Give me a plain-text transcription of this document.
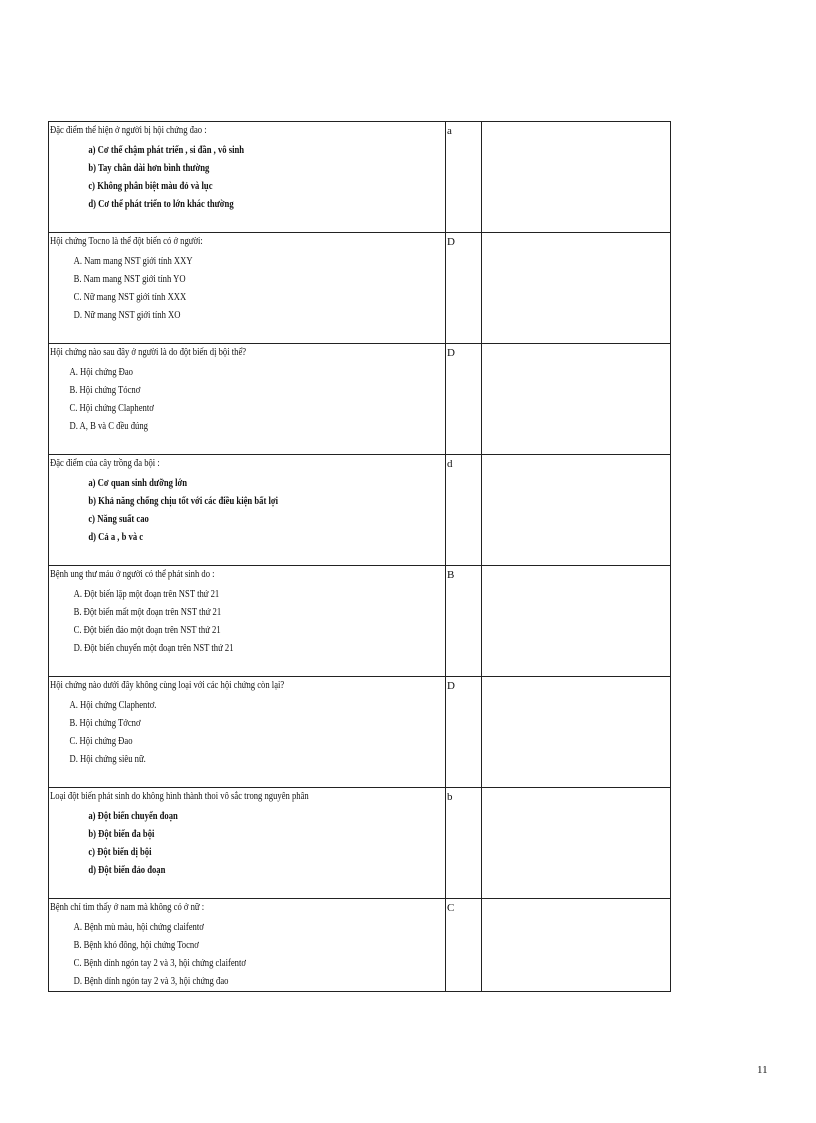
Đặc điểm thể hiện ở người bị hội chứng đao :
a) Cơ thể chậm phát triển , si đần , vô sinh
b) Tay chân dài hơn bình thường
c) Không phân biệt màu đỏ và lục
d) Cơ thể phát triển to lớn khác thường	a	

Hội chứng Tocno là thể đột biến có ở người:
A. Nam mang NST giới tính XXY
B. Nam mang NST giới tính YO
C. Nữ mang NST giới tính XXX
D. Nữ mang NST giới tính XO	D	

Hội chứng nào sau đây ở người là do đột biến dị bội thể?
A. Hội chứng Đao
B. Hội chứng Tócnơ
C. Hội chứng Claphentơ
D. A, B và C đều đúng	D	

Đặc điểm của cây trồng đa bội :
a) Cơ quan sinh dưỡng lớn
b) Khả năng chống chịu tốt với các điều kiện bất lợi
c) Năng suất cao
d) Cả a , b và c	d	

Bệnh ung thư máu ở người có thể phát sinh do :
A. Đột biến lặp một đoạn trên NST thứ 21
B. Đột biến mất một đoạn trên NST thứ 21
C. Đột biến đảo một đoạn trên NST thứ 21
D. Đột biến chuyển một đoạn trên NST thứ 21	B	

Hội chứng nào dưới đây không cùng loại với các hội chứng còn lại?
A. Hội chứng Claphentơ.
B. Hội chứng Tớcnơ
C. Hội chứng Đao
D. Hội chứng siêu nữ.	D	

Loại đột biến phát sinh do không hình thành thoi vô sắc trong nguyên phân
a) Đột biến chuyển đoạn
b) Đột biến đa bội
c) Đột biến dị bội
d) Đột biến đảo đoạn	b	

Bệnh chỉ tìm thấy ở nam mà không có ở nữ :
A. Bệnh mù màu, hội chứng claifentơ
B. Bệnh khó đông, hội chứng Tocnơ
C. Bệnh dính ngón tay 2 và 3, hội chứng claifentơ
D. Bệnh dính ngón tay 2 và 3, hội chứng đao	C	

11
